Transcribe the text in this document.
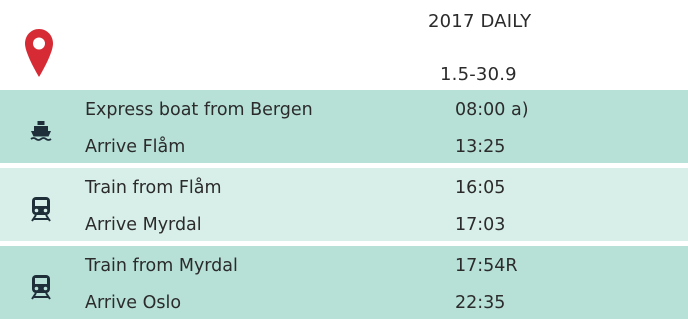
2017 DAILY
1.5-30.9
Express boat from Bergen	08:00 a)
Arrive Flåm	13:25
Train from Flåm	16:05
Arrive Myrdal	17:03
Train from Myrdal	17:54R
Arrive Oslo	22:35
